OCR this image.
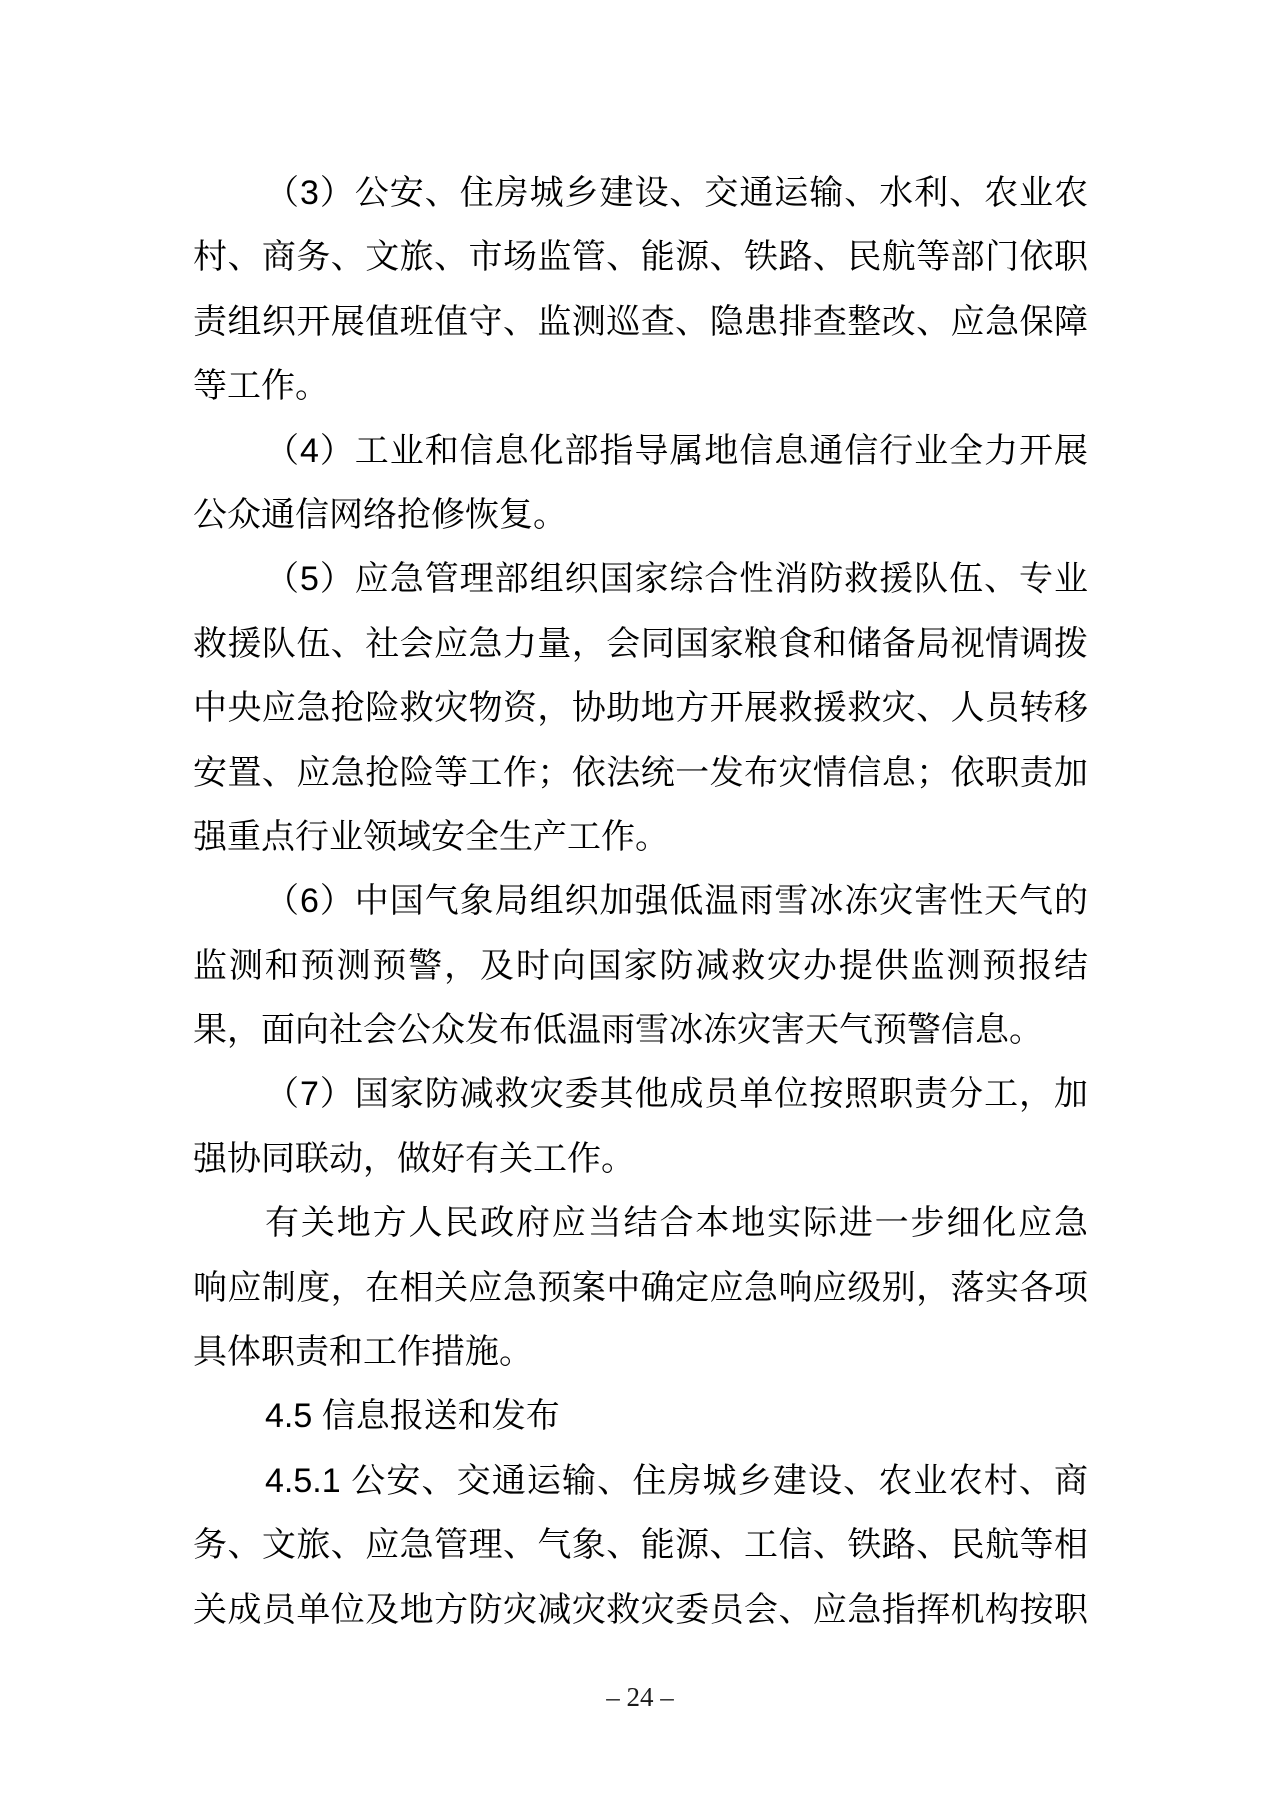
（3）公安、住房城乡建设、交通运输、水利、农业农
村、商务、文旅、市场监管、能源、铁路、民航等部门依职
责组织开展值班值守、监测巡查、隐患排查整改、应急保障
等工作。
（4）工业和信息化部指导属地信息通信行业全力开展
公众通信网络抢修恢复。
（5）应急管理部组织国家综合性消防救援队伍、专业
救援队伍、社会应急力量，会同国家粮食和储备局视情调拨
中央应急抢险救灾物资，协助地方开展救援救灾、人员转移
安置、应急抢险等工作；依法统一发布灾情信息；依职责加
强重点行业领域安全生产工作。
（6）中国气象局组织加强低温雨雪冰冻灾害性天气的
监测和预测预警，及时向国家防减救灾办提供监测预报结
果，面向社会公众发布低温雨雪冰冻灾害天气预警信息。
（7）国家防减救灾委其他成员单位按照职责分工，加
强协同联动，做好有关工作。
有关地方人民政府应当结合本地实际进一步细化应急
响应制度，在相关应急预案中确定应急响应级别，落实各项
具体职责和工作措施。
4.5 信息报送和发布
4.5.1 公安、交通运输、住房城乡建设、农业农村、商
务、文旅、应急管理、气象、能源、工信、铁路、民航等相
关成员单位及地方防灾减灾救灾委员会、应急指挥机构按职
– 24 –
